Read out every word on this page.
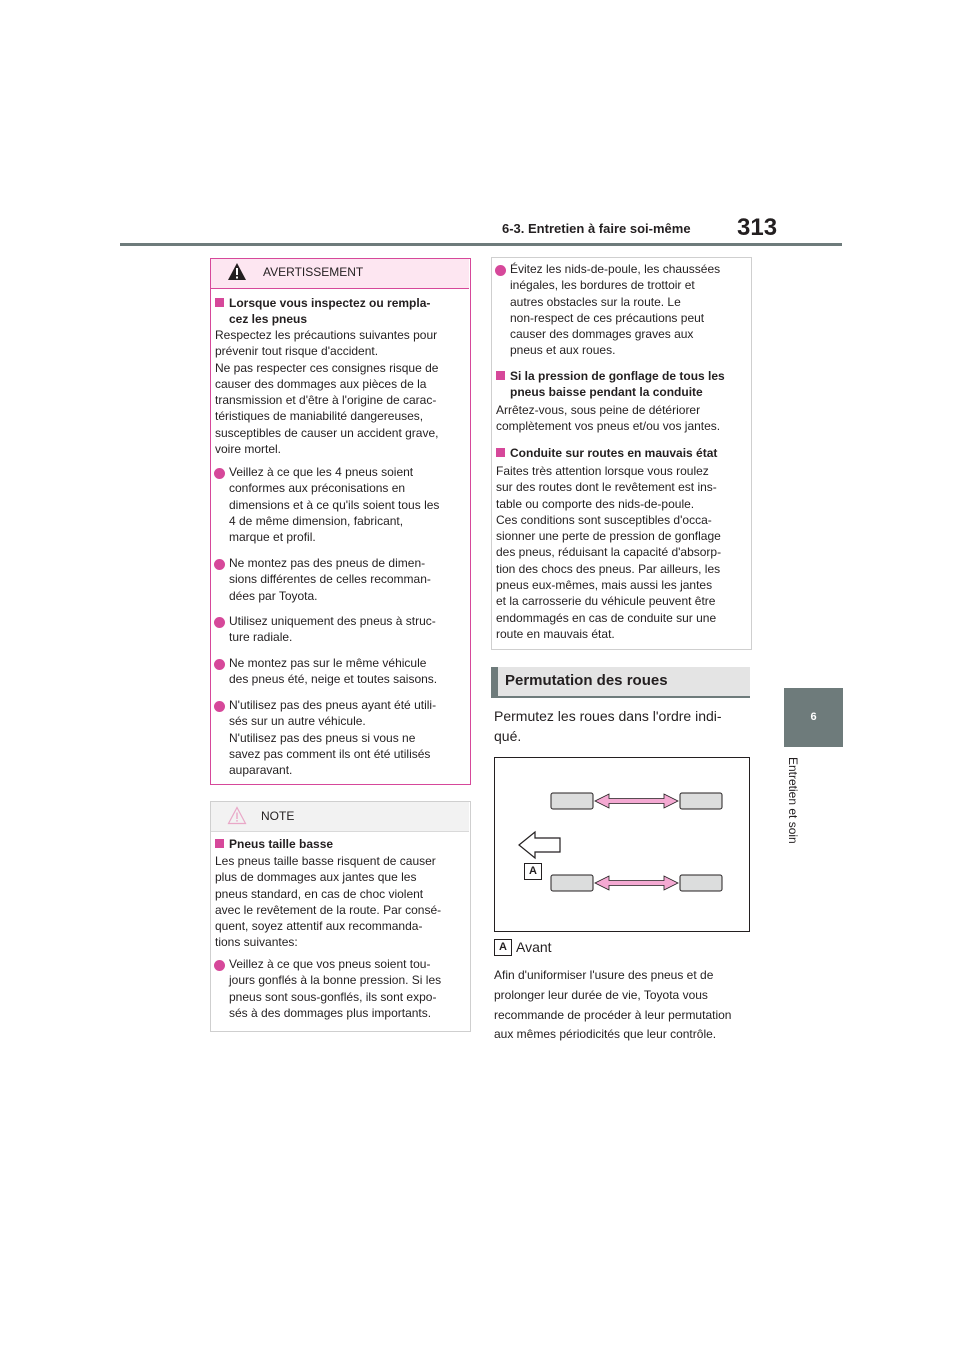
6-3. Entretien à faire soi-même 313
6
Entretien et soin
AVERTISSEMENT
Lorsque vous inspectez ou rempla-
cez les pneus
Respectez les précautions suivantes pour
prévenir tout risque d'accident.
Ne pas respecter ces consignes risque de
causer des dommages aux pièces de la
transmission et d'être à l'origine de carac-
téristiques de maniabilité dangereuses,
susceptibles de causer un accident grave,
voire mortel.
Veillez à ce que les 4 pneus soient
conformes aux préconisations en
dimensions et à ce qu'ils soient tous les
4 de même dimension, fabricant,
marque et profil.
Ne montez pas des pneus de dimen-
sions différentes de celles recomman-
dées par Toyota.
Utilisez uniquement des pneus à struc-
ture radiale.
Ne montez pas sur le même véhicule
des pneus été, neige et toutes saisons.
N'utilisez pas des pneus ayant été utili-
sés sur un autre véhicule.
N'utilisez pas des pneus si vous ne
savez pas comment ils ont été utilisés
auparavant.
NOTE
Pneus taille basse
Les pneus taille basse risquent de causer
plus de dommages aux jantes que les
pneus standard, en cas de choc violent
avec le revêtement de la route. Par consé-
quent, soyez attentif aux recommanda-
tions suivantes:
Veillez à ce que vos pneus soient tou-
jours gonflés à la bonne pression. Si les
pneus sont sous-gonflés, ils sont expo-
sés à des dommages plus importants.
Évitez les nids-de-poule, les chaussées
inégales, les bordures de trottoir et
autres obstacles sur la route. Le
non-respect de ces précautions peut
causer des dommages graves aux
pneus et aux roues.
Si la pression de gonflage de tous les
pneus baisse pendant la conduite
Arrêtez-vous, sous peine de détériorer
complètement vos pneus et/ou vos jantes.
Conduite sur routes en mauvais état
Faites très attention lorsque vous roulez
sur des routes dont le revêtement est ins-
table ou comporte des nids-de-poule.
Ces conditions sont susceptibles d'occa-
sionner une perte de pression de gonflage
des pneus, réduisant la capacité d'absorp-
tion des chocs des pneus. Par ailleurs, les
pneus eux-mêmes, mais aussi les jantes
et la carrosserie du véhicule peuvent être
endommagés en cas de conduite sur une
route en mauvais état.
Permutation des roues
Permutez les roues dans l'ordre indi-
qué.
A
A Avant
Afin d'uniformiser l'usure des pneus et de
prolonger leur durée de vie, Toyota vous
recommande de procéder à leur permutation
aux mêmes périodicités que leur contrôle.
